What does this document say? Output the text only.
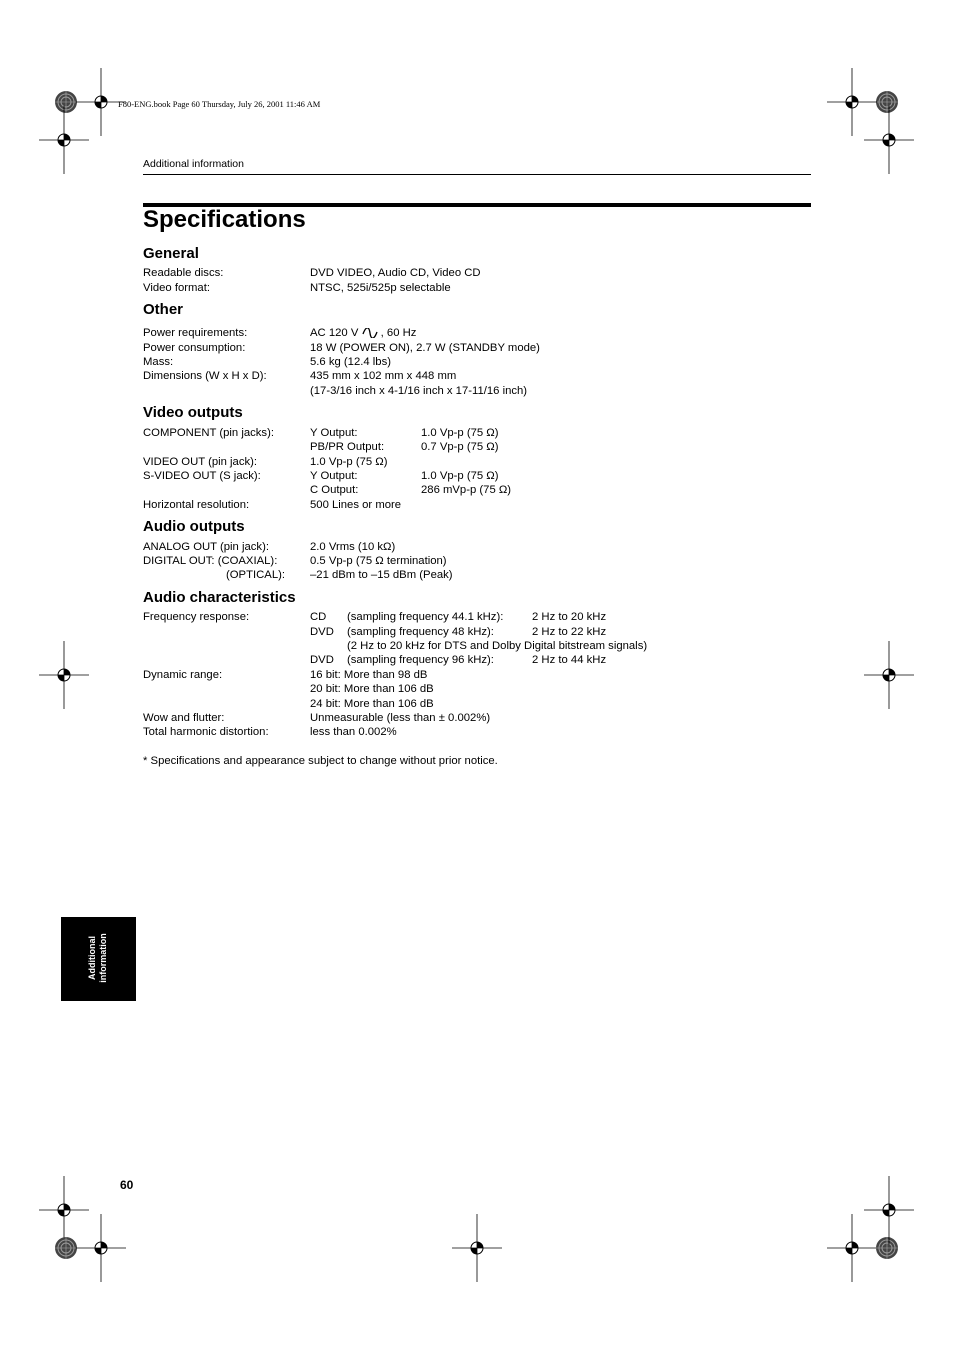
F80-ENG.book Page 60 Thursday, July 26, 2001 11:46 AM
Additional information
Specifications
General
Readable discs:	DVD VIDEO, Audio CD, Video CD
Video format:	NTSC, 525i/525p selectable
Other
Power requirements:	AC 120 V , 60 Hz
Power consumption:	18 W (POWER ON), 2.7 W (STANDBY mode)
Mass:	5.6 kg (12.4 lbs)
Dimensions (W x H x D):	435 mm x 102 mm x 448 mm
(17-3/16 inch x 4-1/16 inch x 17-11/16 inch)
Video outputs
COMPONENT (pin jacks):	Y Output:	1.0 Vp-p (75 Ω)
PB/PR Output:	0.7 Vp-p (75 Ω)
VIDEO OUT (pin jack):	1.0 Vp-p (75 Ω)
S-VIDEO OUT (S jack):	Y Output:	1.0 Vp-p (75 Ω)
C Output:	286 mVp-p (75 Ω)
Horizontal resolution:	500 Lines or more
Audio outputs
ANALOG OUT (pin jack):	2.0 Vrms (10 kΩ)
DIGITAL OUT: (COAXIAL):	0.5 Vp-p (75 Ω termination)
(OPTICAL): –21 dBm to –15 dBm (Peak)
Audio characteristics
Frequency response:	CD (sampling frequency 44.1 kHz):	2 Hz to 20 kHz
DVD (sampling frequency 48 kHz):	2 Hz to 22 kHz
(2 Hz to 20 kHz for DTS and Dolby Digital bitstream signals)
DVD (sampling frequency 96 kHz):	2 Hz to 44 kHz
Dynamic range:	16 bit: More than 98 dB
20 bit: More than 106 dB
24 bit: More than 106 dB
Wow and flutter:	Unmeasurable (less than ± 0.002%)
Total harmonic distortion:	less than 0.002%
* Specifications and appearance subject to change without prior notice.
Additional information
60
